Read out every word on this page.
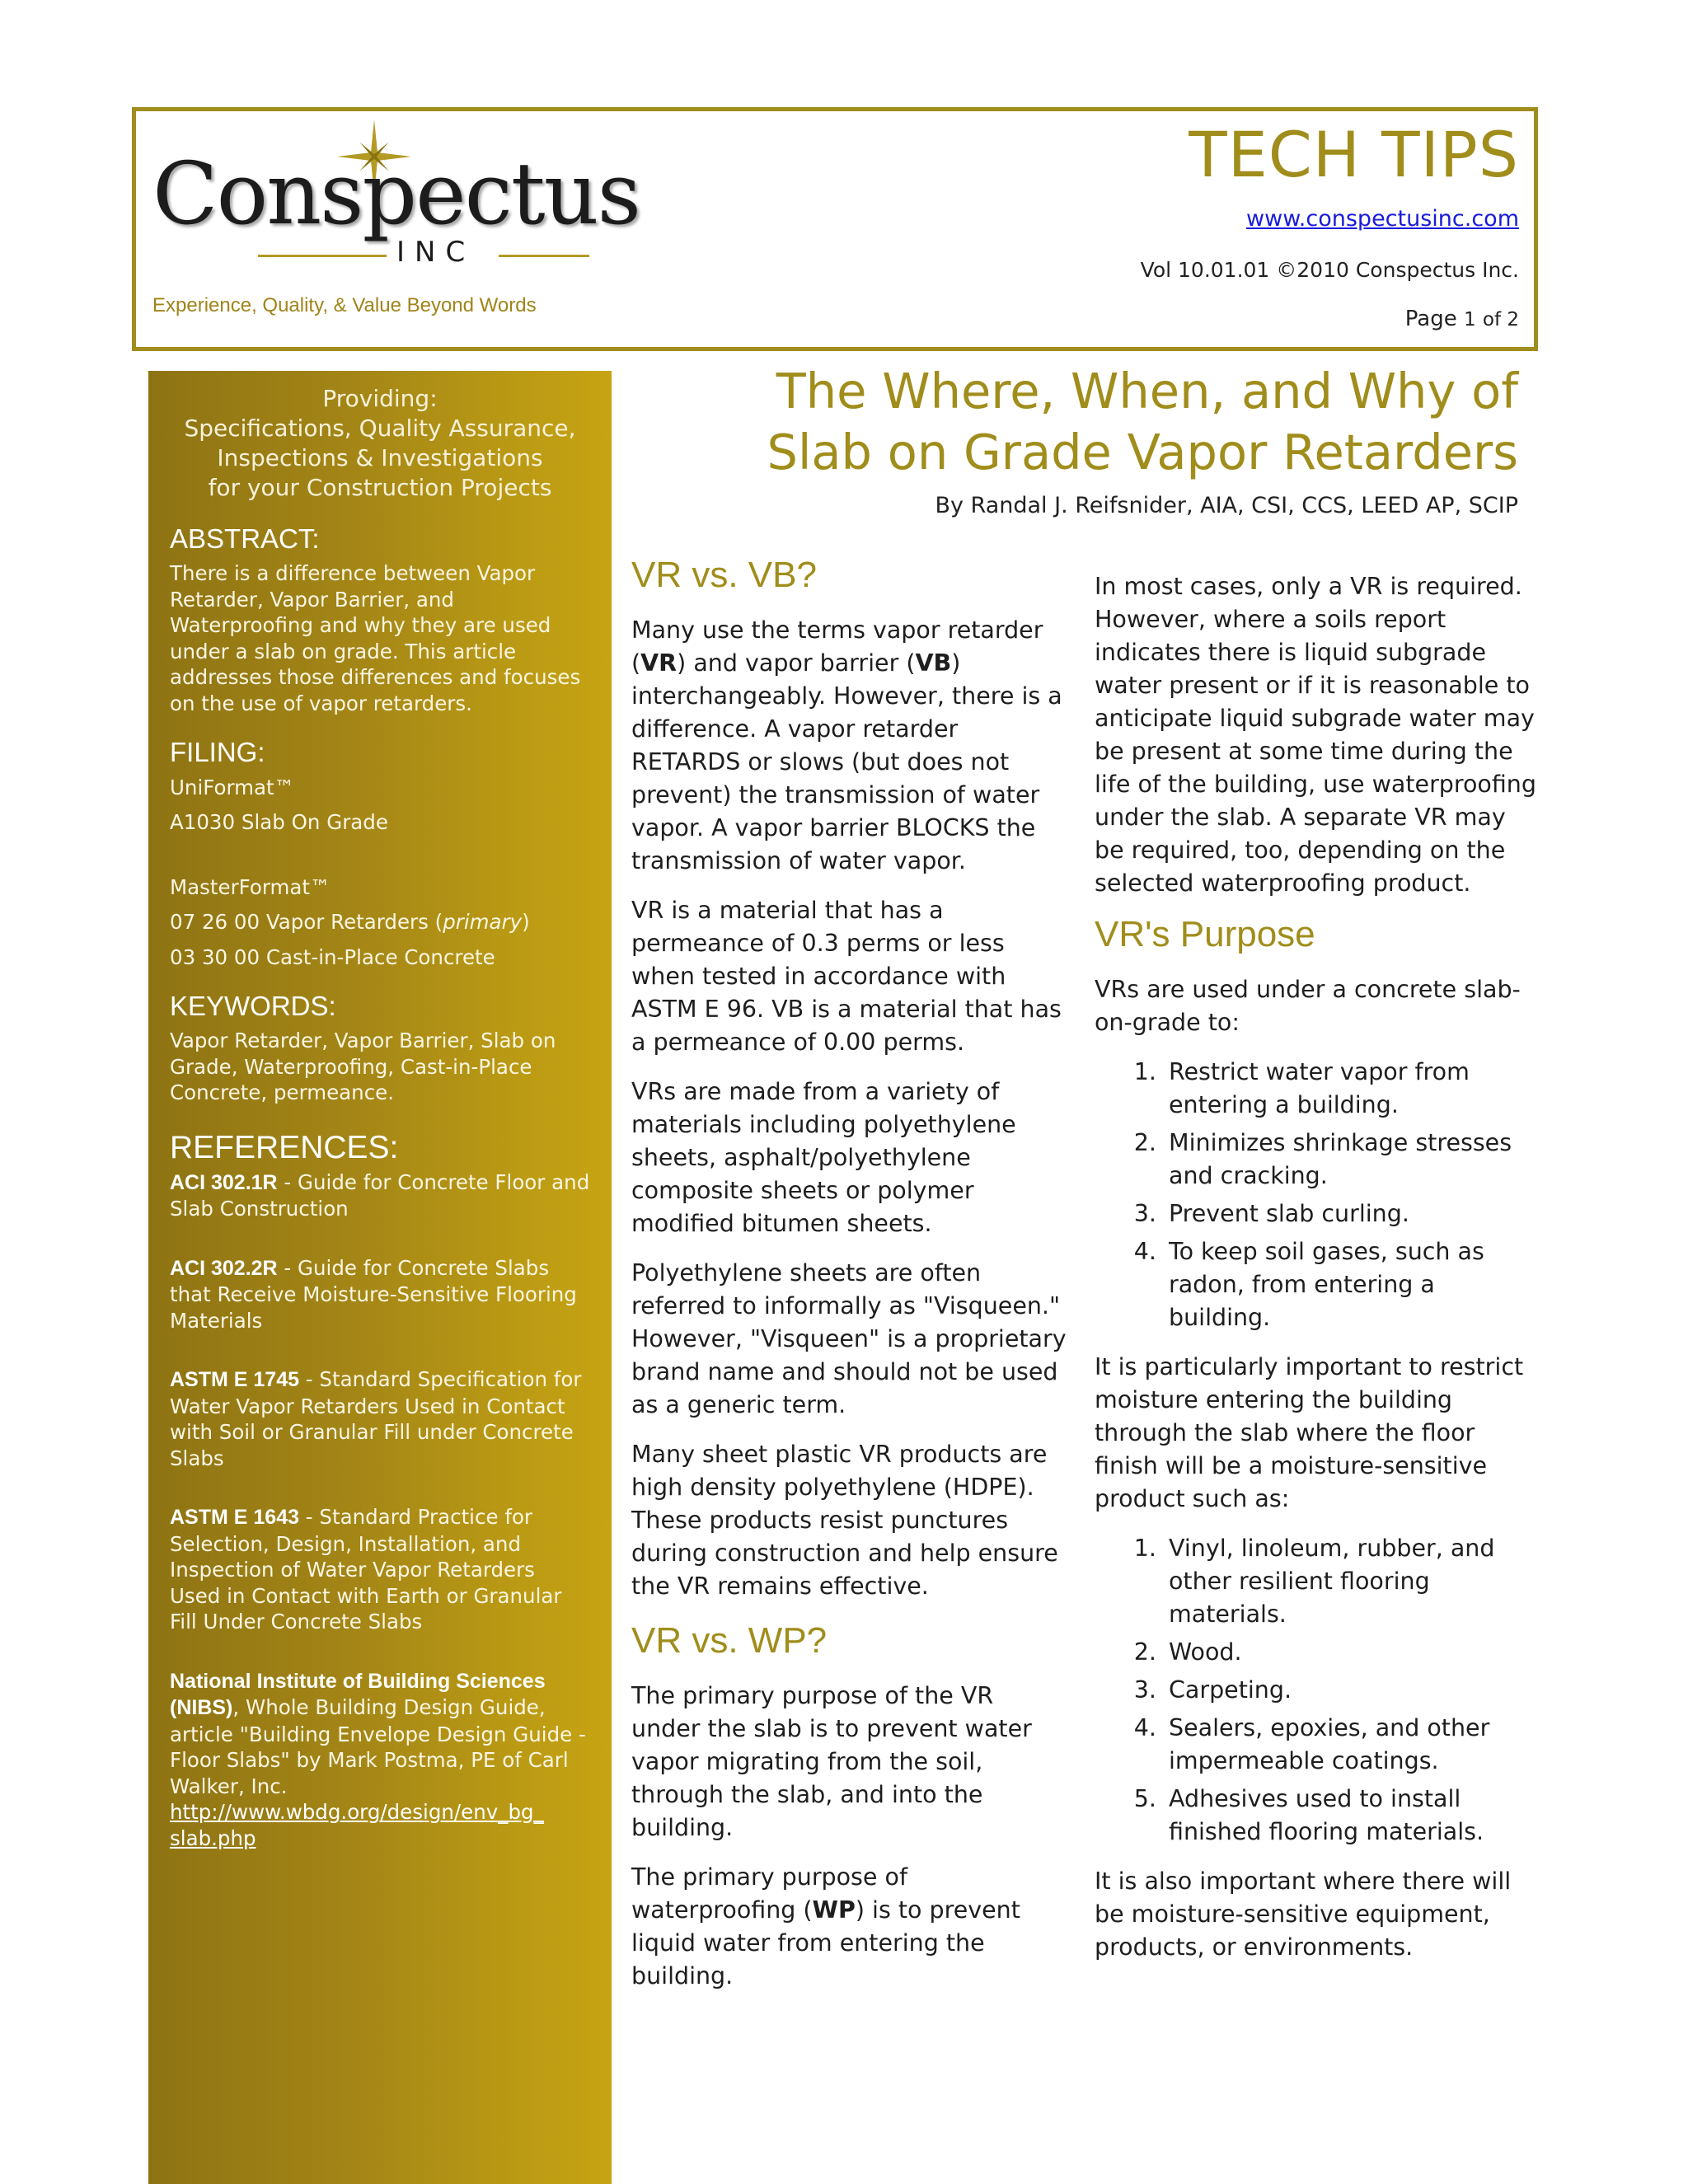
Conspectus
INC
Experience, Quality, & Value Beyond Words
TECH TIPS
www.conspectusinc.com
Vol 10.01.01 ©2010 Conspectus Inc.
Page 1 of 2
Providing:
Specifications, Quality Assurance,
Inspections & Investigations
for your Construction Projects
ABSTRACT:
There is a difference between Vapor Retarder, Vapor Barrier, and Waterproofing and why they are used under a slab on grade. This article addresses those differences and focuses on the use of vapor retarders.
FILING:
UniFormat™
A1030 Slab On Grade
MasterFormat™
07 26 00 Vapor Retarders (primary)
03 30 00 Cast-in-Place Concrete
KEYWORDS:
Vapor Retarder, Vapor Barrier, Slab on Grade, Waterproofing, Cast-in-Place Concrete, permeance.
REFERENCES:
ACI 302.1R - Guide for Concrete Floor and Slab Construction
ACI 302.2R - Guide for Concrete Slabs that Receive Moisture-Sensitive Flooring Materials
ASTM E 1745 - Standard Specification for Water Vapor Retarders Used in Contact with Soil or Granular Fill under Concrete Slabs
ASTM E 1643 - Standard Practice for Selection, Design, Installation, and Inspection of Water Vapor Retarders Used in Contact with Earth or Granular Fill Under Concrete Slabs
National Institute of Building Sciences (NIBS), Whole Building Design Guide, article "Building Envelope Design Guide - Floor Slabs" by Mark Postma, PE of Carl Walker, Inc.
http://www.wbdg.org/design/env_bg_ slab.php
The Where, When, and Why of
Slab on Grade Vapor Retarders
By Randal J. Reifsnider, AIA, CSI, CCS, LEED AP, SCIP
VR vs. VB?

Many use the terms vapor retarder (VR) and vapor barrier (VB) interchangeably. However, there is a difference. A vapor retarder RETARDS or slows (but does not prevent) the transmission of water vapor. A vapor barrier BLOCKS the transmission of water vapor.

VR is a material that has a permeance of 0.3 perms or less when tested in accordance with ASTM E 96. VB is a material that has a permeance of 0.00 perms.

VRs are made from a variety of materials including polyethylene sheets, asphalt/polyethylene composite sheets or polymer modified bitumen sheets.

Polyethylene sheets are often referred to informally as "Visqueen." However, "Visqueen" is a proprietary brand name and should not be used as a generic term.

Many sheet plastic VR products are high density polyethylene (HDPE). These products resist punctures during construction and help ensure the VR remains effective.

VR vs. WP?

The primary purpose of the VR under the slab is to prevent water vapor migrating from the soil, through the slab, and into the building.

The primary purpose of waterproofing (WP) is to prevent liquid water from entering the building.

In most cases, only a VR is required. However, where a soils report indicates there is liquid subgrade water present or if it is reasonable to anticipate liquid subgrade water may be present at some time during the life of the building, use waterproofing under the slab. A separate VR may be required, too, depending on the selected waterproofing product.

VR's Purpose

VRs are used under a concrete slab-on-grade to:

1. Restrict water vapor from entering a building.
2. Minimizes shrinkage stresses and cracking.
3. Prevent slab curling.
4. To keep soil gases, such as radon, from entering a building.

It is particularly important to restrict moisture entering the building through the slab where the floor finish will be a moisture-sensitive product such as:

1. Vinyl, linoleum, rubber, and other resilient flooring materials.
2. Wood.
3. Carpeting.
4. Sealers, epoxies, and other impermeable coatings.
5. Adhesives used to install finished flooring materials.

It is also important where there will be moisture-sensitive equipment, products, or environments.
